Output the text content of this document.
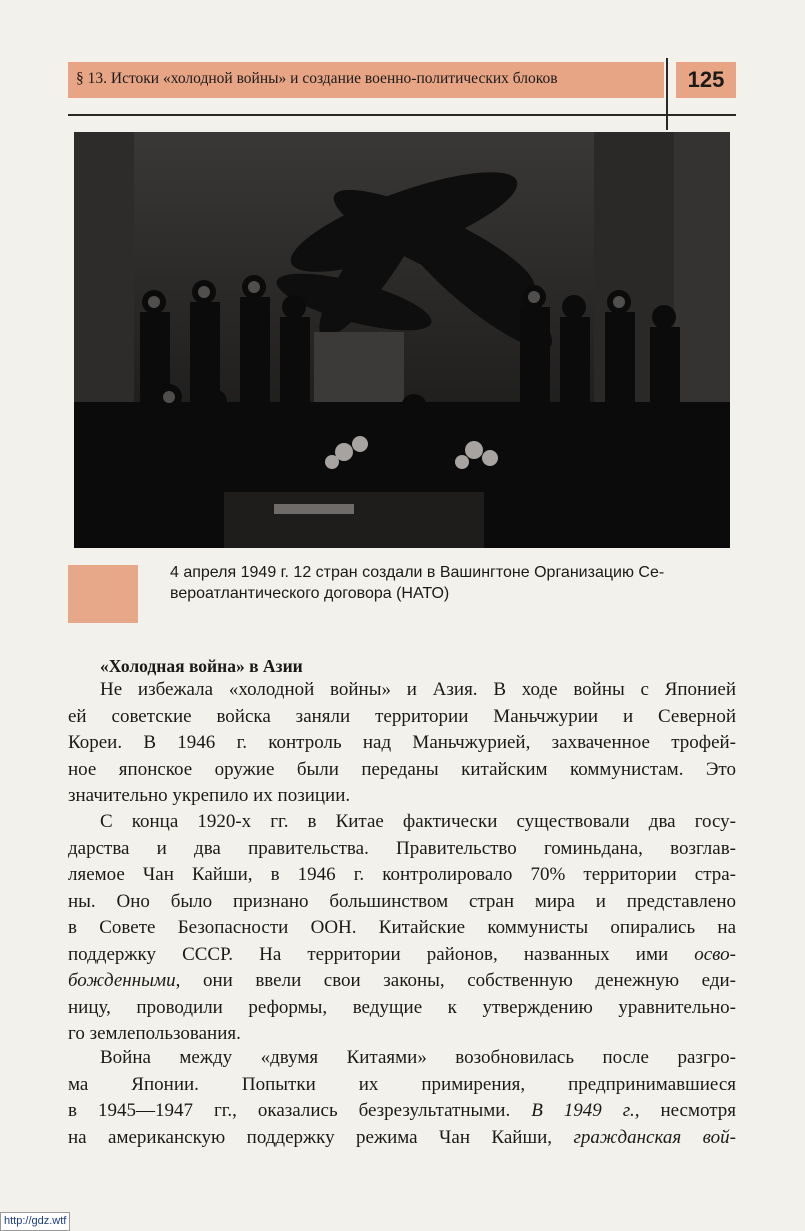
§ 13. Истоки «холодной войны» и создание военно-политических блоков	125
4 апреля 1949 г. 12 стран создали в Вашингтоне Организацию Се-
вероатлантического договора (НАТО)
«Холодная война» в Азии
Не избежала «холодной войны» и Азия. В ходе войны с Японией
ей советские войска заняли территории Маньчжурии и Северной
Кореи. В 1946 г. контроль над Маньчжурией, захваченное трофей-
ное японское оружие были переданы китайским коммунистам. Это
значительно укрепило их позиции.
С конца 1920-х гг. в Китае фактически существовали два госу-
дарства и два правительства. Правительство гоминьдана, возглав-
ляемое Чан Кайши, в 1946 г. контролировало 70% территории стра-
ны. Оно было признано большинством стран мира и представлено
в Совете Безопасности ООН. Китайские коммунисты опирались на
поддержку СССР. На территории районов, названных ими осво-
божденными, они ввели свои законы, собственную денежную еди-
ницу, проводили реформы, ведущие к утверждению уравнительно-
го землепользования.
Война между «двумя Китаями» возобновилась после разгро-
ма Японии. Попытки их примирения, предпринимавшиеся
в 1945—1947 гг., оказались безрезультатными. В 1949 г., несмотря
на американскую поддержку режима Чан Кайши, гражданская вой-
http://gdz.wtf
